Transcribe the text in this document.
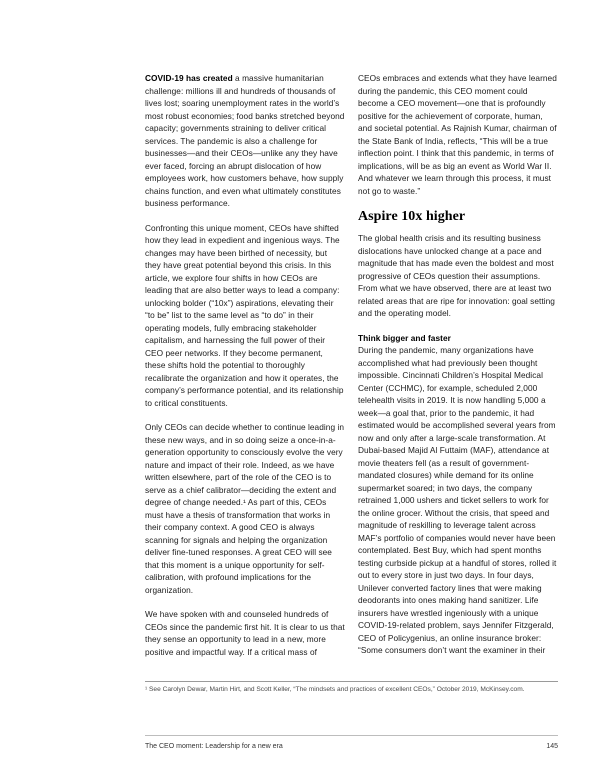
COVID-19 has created a massive humanitarian challenge: millions ill and hundreds of thousands of lives lost; soaring unemployment rates in the world’s most robust economies; food banks stretched beyond capacity; governments straining to deliver critical services. The pandemic is also a challenge for businesses—and their CEOs—unlike any they have ever faced, forcing an abrupt dislocation of how employees work, how customers behave, how supply chains function, and even what ultimately constitutes business performance.

Confronting this unique moment, CEOs have shifted how they lead in expedient and ingenious ways. The changes may have been birthed of necessity, but they have great potential beyond this crisis. In this article, we explore four shifts in how CEOs are leading that are also better ways to lead a company: unlocking bolder (“10x”) aspirations, elevating their “to be” list to the same level as “to do” in their operating models, fully embracing stakeholder capitalism, and harnessing the full power of their CEO peer networks. If they become permanent, these shifts hold the potential to thoroughly recalibrate the organization and how it operates, the company’s performance potential, and its relationship to critical constituents.

Only CEOs can decide whether to continue leading in these new ways, and in so doing seize a once-in-a-generation opportunity to consciously evolve the very nature and impact of their role. Indeed, as we have written elsewhere, part of the role of the CEO is to serve as a chief calibrator—deciding the extent and degree of change needed.¹ As part of this, CEOs must have a thesis of transformation that works in their company context. A good CEO is always scanning for signals and helping the organization deliver fine-tuned responses. A great CEO will see that this moment is a unique opportunity for self-calibration, with profound implications for the organization.

We have spoken with and counseled hundreds of CEOs since the pandemic first hit. It is clear to us that they sense an opportunity to lead in a new, more positive and impactful way. If a critical mass of

CEOs embraces and extends what they have learned during the pandemic, this CEO moment could become a CEO movement—one that is profoundly positive for the achievement of corporate, human, and societal potential. As Rajnish Kumar, chairman of the State Bank of India, reflects, “This will be a true inflection point. I think that this pandemic, in terms of implications, will be as big an event as World War II. And whatever we learn through this process, it must not go to waste.”

Aspire 10x higher

The global health crisis and its resulting business dislocations have unlocked change at a pace and magnitude that has made even the boldest and most progressive of CEOs question their assumptions. From what we have observed, there are at least two related areas that are ripe for innovation: goal setting and the operating model.

Think bigger and faster

During the pandemic, many organizations have accomplished what had previously been thought impossible. Cincinnati Children’s Hospital Medical Center (CCHMC), for example, scheduled 2,000 telehealth visits in 2019. It is now handling 5,000 a week—a goal that, prior to the pandemic, it had estimated would be accomplished several years from now and only after a large-scale transformation. At Dubai-based Majid Al Futtaim (MAF), attendance at movie theaters fell (as a result of government-mandated closures) while demand for its online supermarket soared; in two days, the company retrained 1,000 ushers and ticket sellers to work for the online grocer. Without the crisis, that speed and magnitude of reskilling to leverage talent across MAF’s portfolio of companies would never have been contemplated. Best Buy, which had spent months testing curbside pickup at a handful of stores, rolled it out to every store in just two days. In four days, Unilever converted factory lines that were making deodorants into ones making hand sanitizer. Life insurers have wrestled ingeniously with a unique COVID-19-related problem, says Jennifer Fitzgerald, CEO of Policygenius, an online insurance broker: “Some consumers don’t want the examiner in their

¹ See Carolyn Dewar, Martin Hirt, and Scott Keller, “The mindsets and practices of excellent CEOs,” October 2019, McKinsey.com.

The CEO moment: Leadership for a new era	145
